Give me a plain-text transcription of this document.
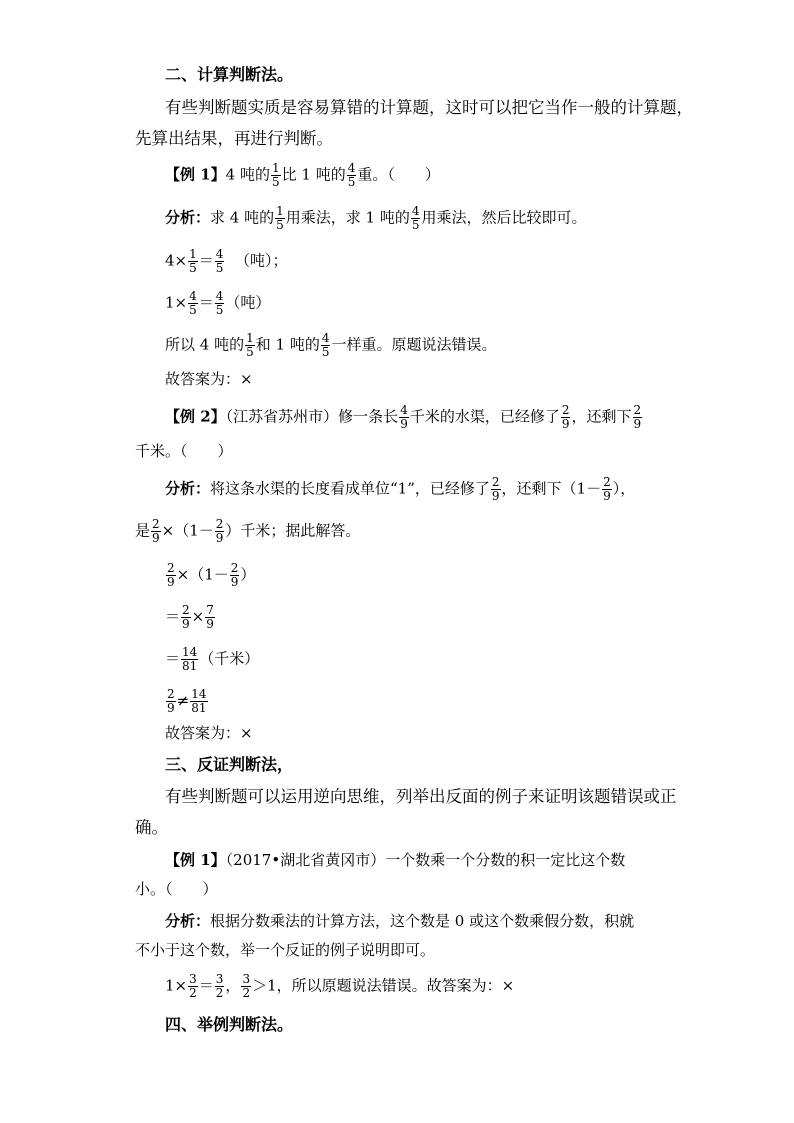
二、计算判断法。
有些判断题实质是容易算错的计算题，这时可以把它当作一般的计算题，
先算出结果，再进行判断。
【例 1】4 吨的 $\frac{1}{5}$ 比 1 吨的 $\frac{4}{5}$ 重。（　　）
分析：求 4 吨的 $\frac{1}{5}$ 用乘法，求 1 吨的 $\frac{4}{5}$ 用乘法，然后比较即可。
$4\times \frac{1}{5} = \frac{4}{5}$ （吨）；
$1\times \frac{4}{5} = \frac{4}{5}$ （吨）
所以 4 吨的 $\frac{1}{5}$ 和 1 吨的 $\frac{4}{5}$ 一样重。原题说法错误。
故答案为：×
【例 2】（江苏省苏州市）修一条长 $\frac{4}{9}$ 千米的水渠，已经修了 $\frac{2}{9}$ ，还剩下 $\frac{2}{9}$
千米。（　　）
分析：将这条水渠的长度看成单位“1”，已经修了 $\frac{2}{9}$ ，还剩下（$1- \frac{2}{9}$ ），
是 $\frac{2}{9} \times(1- \frac{2}{9}$ ）千米；据此解答。
$\frac{2}{9} \times(1- \frac{2}{9}$ ）
＝ $\frac{2}{9} \times \frac{7}{9}$
＝ $\frac{14}{81}$ （千米）
$\frac{2}{9} \ne \frac{14}{81}$
故答案为：×
三、反证判断法，
有些判断题可以运用逆向思维，列举出反面的例子来证明该题错误或正
确。
【例 1】（2017•湖北省黄冈市）一个数乘一个分数的积一定比这个数
小。（　　）
分析：根据分数乘法的计算方法，这个数是 0 或这个数乘假分数，积就
不小于这个数，举一个反证的例子说明即可。
$1\times \frac{3}{2} = \frac{3}{2}$ ， $\frac{3}{2} >1$，所以原题说法错误。故答案为：×
四、举例判断法。
